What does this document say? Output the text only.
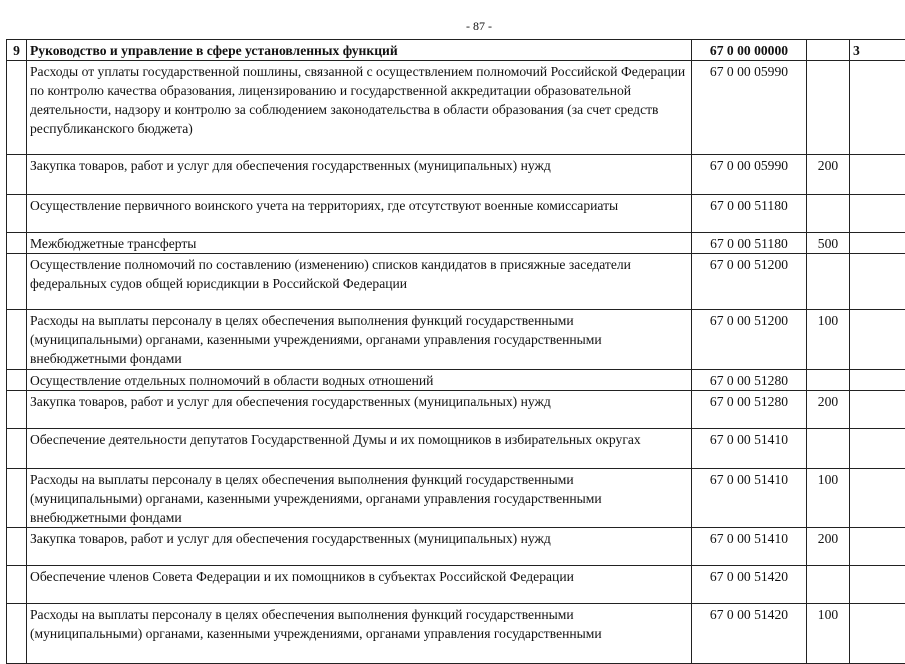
- 87 -
9	Руководство и управление в сфере установленных функций	67 0 00 00000		3
	Расходы от уплаты государственной пошлины, связанной с осуществлением полномочий Российской Федерации по контролю качества образования, лицензированию и государственной аккредитации образовательной деятельности, надзору и контролю за соблюдением законодательства в области образования (за счет средств республиканского бюджета)	67 0 00 05990		
	Закупка товаров, работ и услуг для обеспечения государственных (муниципальных) нужд	67 0 00 05990	200	
	Осуществление первичного воинского учета на территориях, где отсутствуют военные комиссариаты	67 0 00 51180		
	Межбюджетные трансферты	67 0 00 51180	500	
	Осуществление полномочий по составлению (изменению) списков кандидатов в присяжные заседатели федеральных судов общей юрисдикции в Российской Федерации	67 0 00 51200		
	Расходы на выплаты персоналу в целях обеспечения выполнения функций государственными (муниципальными) органами, казенными учреждениями, органами управления государственными внебюджетными фондами	67 0 00 51200	100	
	Осуществление отдельных полномочий в области водных отношений	67 0 00 51280		
	Закупка товаров, работ и услуг для обеспечения государственных (муниципальных) нужд	67 0 00 51280	200	
	Обеспечение деятельности депутатов Государственной Думы и их помощников в избирательных округах	67 0 00 51410		
	Расходы на выплаты персоналу в целях обеспечения выполнения функций государственными (муниципальными) органами, казенными учреждениями, органами управления государственными внебюджетными фондами	67 0 00 51410	100	
	Закупка товаров, работ и услуг для обеспечения государственных (муниципальных) нужд	67 0 00 51410	200	
	Обеспечение членов Совета Федерации и их помощников в субъектах Российской Федерации	67 0 00 51420		
	Расходы на выплаты персоналу в целях обеспечения выполнения функций государственными (муниципальными) органами, казенными учреждениями, органами управления государственными	67 0 00 51420	100	
